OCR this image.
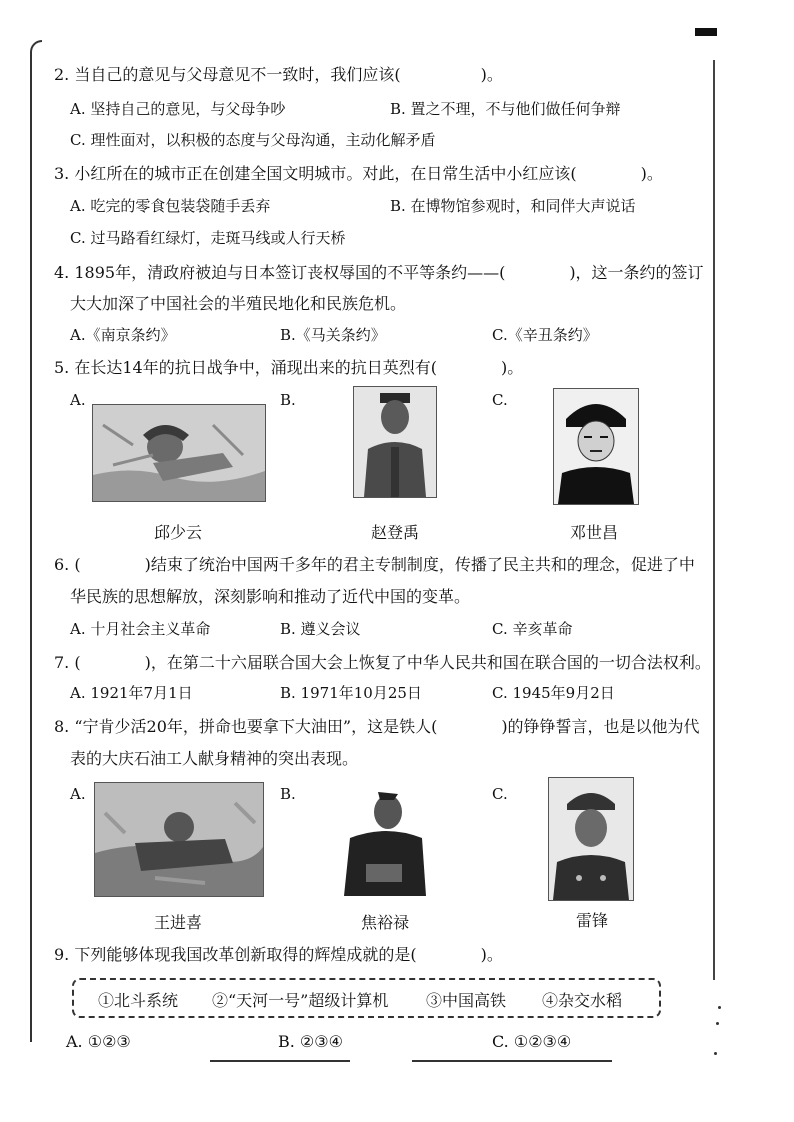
2. 当自己的意见与父母意见不一致时，我们应该(　　　　　)。
A. 坚持自己的意见，与父母争吵	B. 置之不理，不与他们做任何争辩
C. 理性面对，以积极的态度与父母沟通，主动化解矛盾
3. 小红所在的城市正在创建全国文明城市。对此，在日常生活中小红应该(　　　　)。
A. 吃完的零食包装袋随手丢弃	B. 在博物馆参观时，和同伴大声说话
C. 过马路看红绿灯，走斑马线或人行天桥
4. 1895年，清政府被迫与日本签订丧权辱国的不平等条约——(　　　　)，这一条约的签订
大大加深了中国社会的半殖民地化和民族危机。
A.《南京条约》	B.《马关条约》	C.《辛丑条约》
5. 在长达14年的抗日战争中，涌现出来的抗日英烈有(　　　　)。
A.	B.	C.
邱少云	赵登禹	邓世昌
6. (　　　　)结束了统治中国两千多年的君主专制制度，传播了民主共和的理念，促进了中
华民族的思想解放，深刻影响和推动了近代中国的变革。
A. 十月社会主义革命	B. 遵义会议	C. 辛亥革命
7. (　　　　)，在第二十六届联合国大会上恢复了中华人民共和国在联合国的一切合法权利。
A. 1921年7月1日	B. 1971年10月25日	C. 1945年9月2日
8. “宁肯少活20年，拼命也要拿下大油田”，这是铁人(　　　　)的铮铮誓言，也是以他为代
表的大庆石油工人献身精神的突出表现。
A.	B.	C.
王进喜	焦裕禄	雷锋
9. 下列能够体现我国改革创新取得的辉煌成就的是(　　　　)。
①北斗系统 ②“天河一号”超级计算机 ③中国高铁 ④杂交水稻
A. ①②③	B. ②③④	C. ①②③④
